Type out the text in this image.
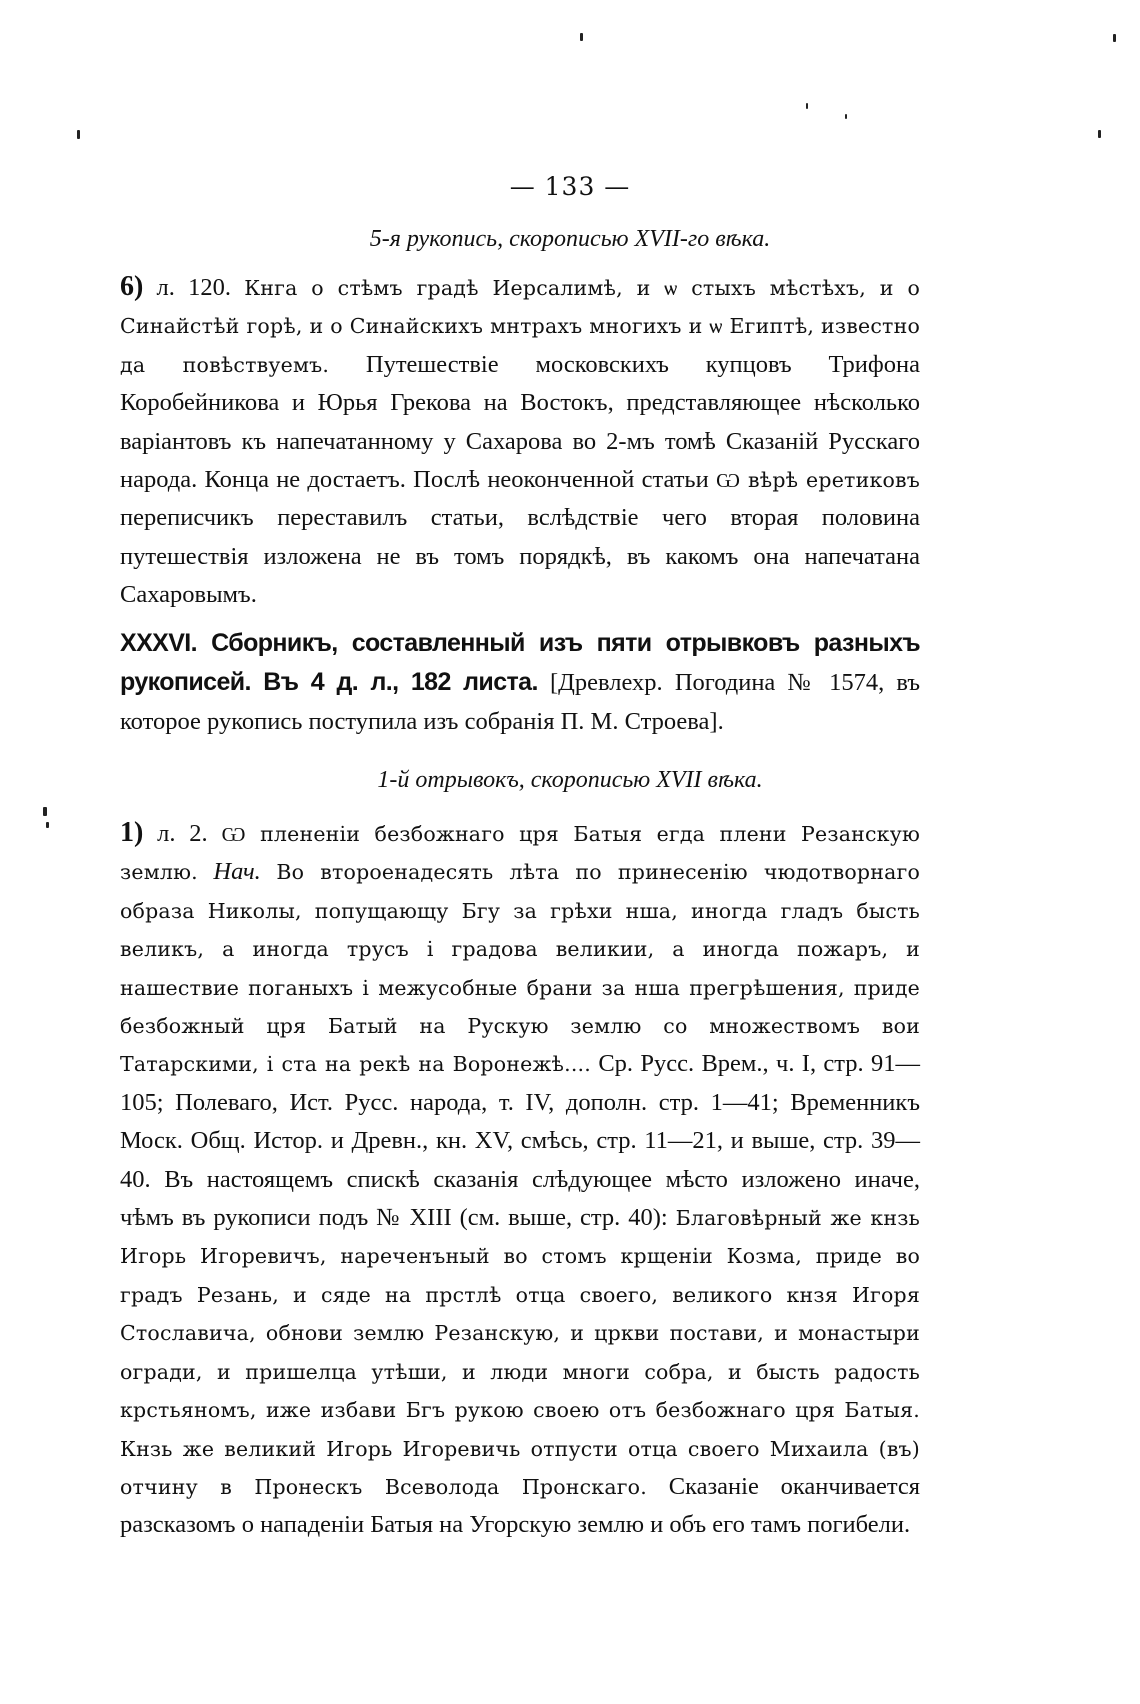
— 133 —
5-я рукопись, скорописью XVII-го вѣка.
6) л. 120. Кнга о стѣмъ градѣ Иерсалимѣ, и ѡ стыхъ мѣстѣхъ, и о Синайстѣй горѣ, и о Синайскихъ мнтрахъ многихъ и ѡ Египтѣ, известно да повѣствуемъ. Путешествіе московскихъ купцовъ Трифона Коробейникова и Юрья Грекова на Востокъ, представляющее нѣсколько варіантовъ къ напечатанному у Сахарова во 2-мъ томѣ Сказаній Русскаго народа. Конца не достаетъ. Послѣ неоконченной статьи Ѡ вѣрѣ еретиковъ переписчикъ переставилъ статьи, вслѣдствіе чего вторая половина путешествія изложена не въ томъ порядкѣ, въ какомъ она напечатана Сахаровымъ.
XXXVI. Сборникъ, составленный изъ пяти отрывковъ разныхъ рукописей. Въ 4 д. л., 182 листа. [Древлехр. Погодина № 1574, въ которое рукопись поступила изъ собранія П. М. Строева].
1-й отрывокъ, скорописью XVII вѣка.
1) л. 2. Ѡ плененіи безбожнаго цря Батыя егда плени Резанскую землю. Нач. Во второенадесять лѣта по принесенію чюдотворнаго образа Николы, попущающу Бгу за грѣхи нша, иногда гладъ бысть великъ, а иногда трусъ і градова великии, а иногда пожаръ, и нашествие поганыхъ і межусобные брани за нша прегрѣшения, приде безбожный цря Батый на Рускую землю со множествомъ вои Татарскими, і ста на рекѣ на Воронежѣ.... Ср. Русс. Врем., ч. I, стр. 91—105; Полеваго, Ист. Русс. народа, т. IV, дополн. стр. 1—41; Временникъ Моск. Общ. Истор. и Древн., кн. XV, смѣсь, стр. 11—21, и выше, стр. 39—40. Въ настоящемъ спискѣ сказанія слѣдующее мѣсто изложено иначе, чѣмъ въ рукописи подъ № XIII (см. выше, стр. 40): Благовѣрный же кнзь Игорь Игоревичъ, нареченъный во стомъ крщеніи Козма, приде во градъ Резань, и сяде на прстлѣ отца своего, великого кнзя Игоря Стославича, обнови землю Резанскую, и цркви постави, и монастыри огради, и пришелца утѣши, и люди многи собра, и бысть радость крстьяномъ, иже избави Бгъ рукою своею отъ безбожнаго цря Батыя. Кнзь же великий Игорь Игоревичь отпусти отца своего Михаила (въ) отчину в Пронескъ Всеволода Пронскаго. Сказаніе оканчивается разсказомъ о нападеніи Батыя на Угорскую землю и объ его тамъ погибели.
